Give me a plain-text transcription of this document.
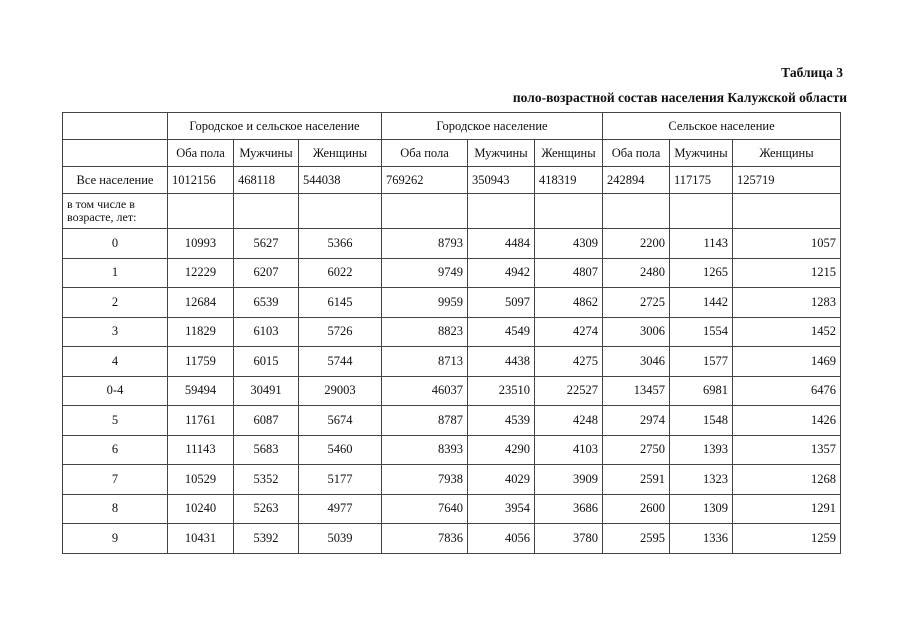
Таблица 3
поло-возрастной состав населения Калужской области
	Городское и сельское население			Городское население			Сельское население		
	Оба пола	Мужчины	Женщины	Оба пола	Мужчины	Женщины	Оба пола	Мужчины	Женщины
Все население	1012156	468118	544038	769262	350943	418319	242894	117175	125719
в том числе в возрасте, лет:									
0	10993	5627	5366	8793	4484	4309	2200	1143	1057
1	12229	6207	6022	9749	4942	4807	2480	1265	1215
2	12684	6539	6145	9959	5097	4862	2725	1442	1283
3	11829	6103	5726	8823	4549	4274	3006	1554	1452
4	11759	6015	5744	8713	4438	4275	3046	1577	1469
0-4	59494	30491	29003	46037	23510	22527	13457	6981	6476
5	11761	6087	5674	8787	4539	4248	2974	1548	1426
6	11143	5683	5460	8393	4290	4103	2750	1393	1357
7	10529	5352	5177	7938	4029	3909	2591	1323	1268
8	10240	5263	4977	7640	3954	3686	2600	1309	1291
9	10431	5392	5039	7836	4056	3780	2595	1336	1259
